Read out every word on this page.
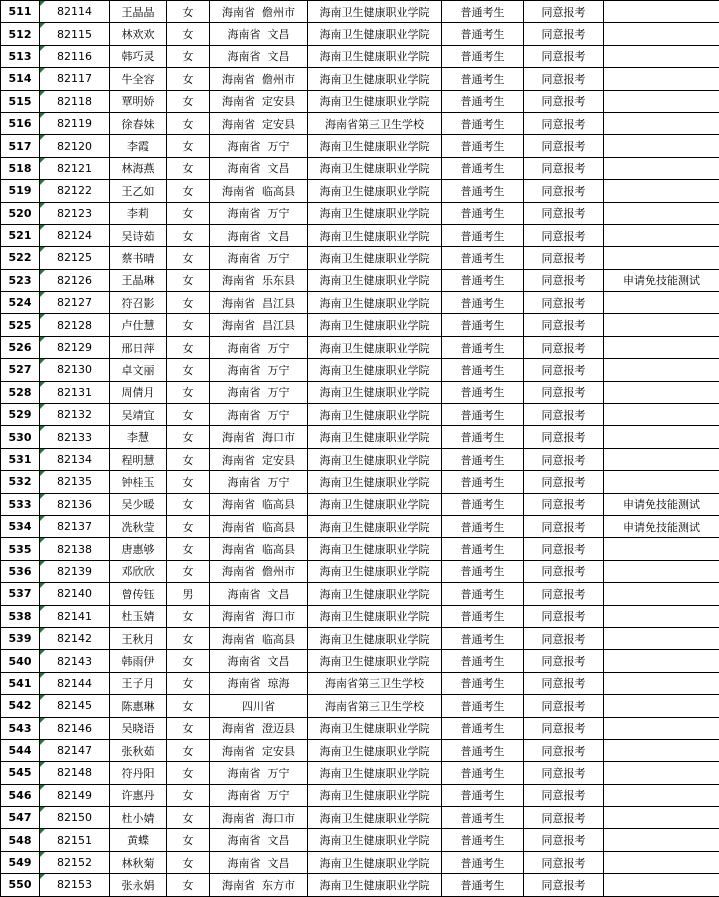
511	82114	王晶晶	女	海南省 儋州市	海南卫生健康职业学院	普通考生	同意报考	
512	82115	林欢欢	女	海南省 文昌	海南卫生健康职业学院	普通考生	同意报考	
513	82116	韩巧灵	女	海南省 文昌	海南卫生健康职业学院	普通考生	同意报考	
514	82117	牛全容	女	海南省 儋州市	海南卫生健康职业学院	普通考生	同意报考	
515	82118	覃明娇	女	海南省 定安县	海南卫生健康职业学院	普通考生	同意报考	
516	82119	徐春妹	女	海南省 定安县	海南省第三卫生学校	普通考生	同意报考	
517	82120	李霞	女	海南省 万宁	海南卫生健康职业学院	普通考生	同意报考	
518	82121	林海燕	女	海南省 文昌	海南卫生健康职业学院	普通考生	同意报考	
519	82122	王乙如	女	海南省 临高县	海南卫生健康职业学院	普通考生	同意报考	
520	82123	李莉	女	海南省 万宁	海南卫生健康职业学院	普通考生	同意报考	
521	82124	吴诗茹	女	海南省 文昌	海南卫生健康职业学院	普通考生	同意报考	
522	82125	蔡书晴	女	海南省 万宁	海南卫生健康职业学院	普通考生	同意报考	
523	82126	王晶琳	女	海南省 乐东县	海南卫生健康职业学院	普通考生	同意报考	申请免技能测试
524	82127	符召影	女	海南省 昌江县	海南卫生健康职业学院	普通考生	同意报考	
525	82128	卢仕慧	女	海南省 昌江县	海南卫生健康职业学院	普通考生	同意报考	
526	82129	邢日萍	女	海南省 万宁	海南卫生健康职业学院	普通考生	同意报考	
527	82130	卓文丽	女	海南省 万宁	海南卫生健康职业学院	普通考生	同意报考	
528	82131	周倩月	女	海南省 万宁	海南卫生健康职业学院	普通考生	同意报考	
529	82132	吴靖宜	女	海南省 万宁	海南卫生健康职业学院	普通考生	同意报考	
530	82133	李慧	女	海南省 海口市	海南卫生健康职业学院	普通考生	同意报考	
531	82134	程明慧	女	海南省 定安县	海南卫生健康职业学院	普通考生	同意报考	
532	82135	钟桂玉	女	海南省 万宁	海南卫生健康职业学院	普通考生	同意报考	
533	82136	吴少暖	女	海南省 临高县	海南卫生健康职业学院	普通考生	同意报考	申请免技能测试
534	82137	冼秋莹	女	海南省 临高县	海南卫生健康职业学院	普通考生	同意报考	申请免技能测试
535	82138	唐惠够	女	海南省 临高县	海南卫生健康职业学院	普通考生	同意报考	
536	82139	邓欣欣	女	海南省 儋州市	海南卫生健康职业学院	普通考生	同意报考	
537	82140	曾传钰	男	海南省 文昌	海南卫生健康职业学院	普通考生	同意报考	
538	82141	杜玉婧	女	海南省 海口市	海南卫生健康职业学院	普通考生	同意报考	
539	82142	王秋月	女	海南省 临高县	海南卫生健康职业学院	普通考生	同意报考	
540	82143	韩雨伊	女	海南省 文昌	海南卫生健康职业学院	普通考生	同意报考	
541	82144	王子月	女	海南省 琼海	海南省第三卫生学校	普通考生	同意报考	
542	82145	陈惠琳	女	四川省	海南省第三卫生学校	普通考生	同意报考	
543	82146	吴晓语	女	海南省 澄迈县	海南卫生健康职业学院	普通考生	同意报考	
544	82147	张秋茹	女	海南省 定安县	海南卫生健康职业学院	普通考生	同意报考	
545	82148	符丹阳	女	海南省 万宁	海南卫生健康职业学院	普通考生	同意报考	
546	82149	许惠丹	女	海南省 万宁	海南卫生健康职业学院	普通考生	同意报考	
547	82150	杜小婧	女	海南省 海口市	海南卫生健康职业学院	普通考生	同意报考	
548	82151	黄蝶	女	海南省 文昌	海南卫生健康职业学院	普通考生	同意报考	
549	82152	林秋菊	女	海南省 文昌	海南卫生健康职业学院	普通考生	同意报考	
550	82153	张永娟	女	海南省 东方市	海南卫生健康职业学院	普通考生	同意报考	
